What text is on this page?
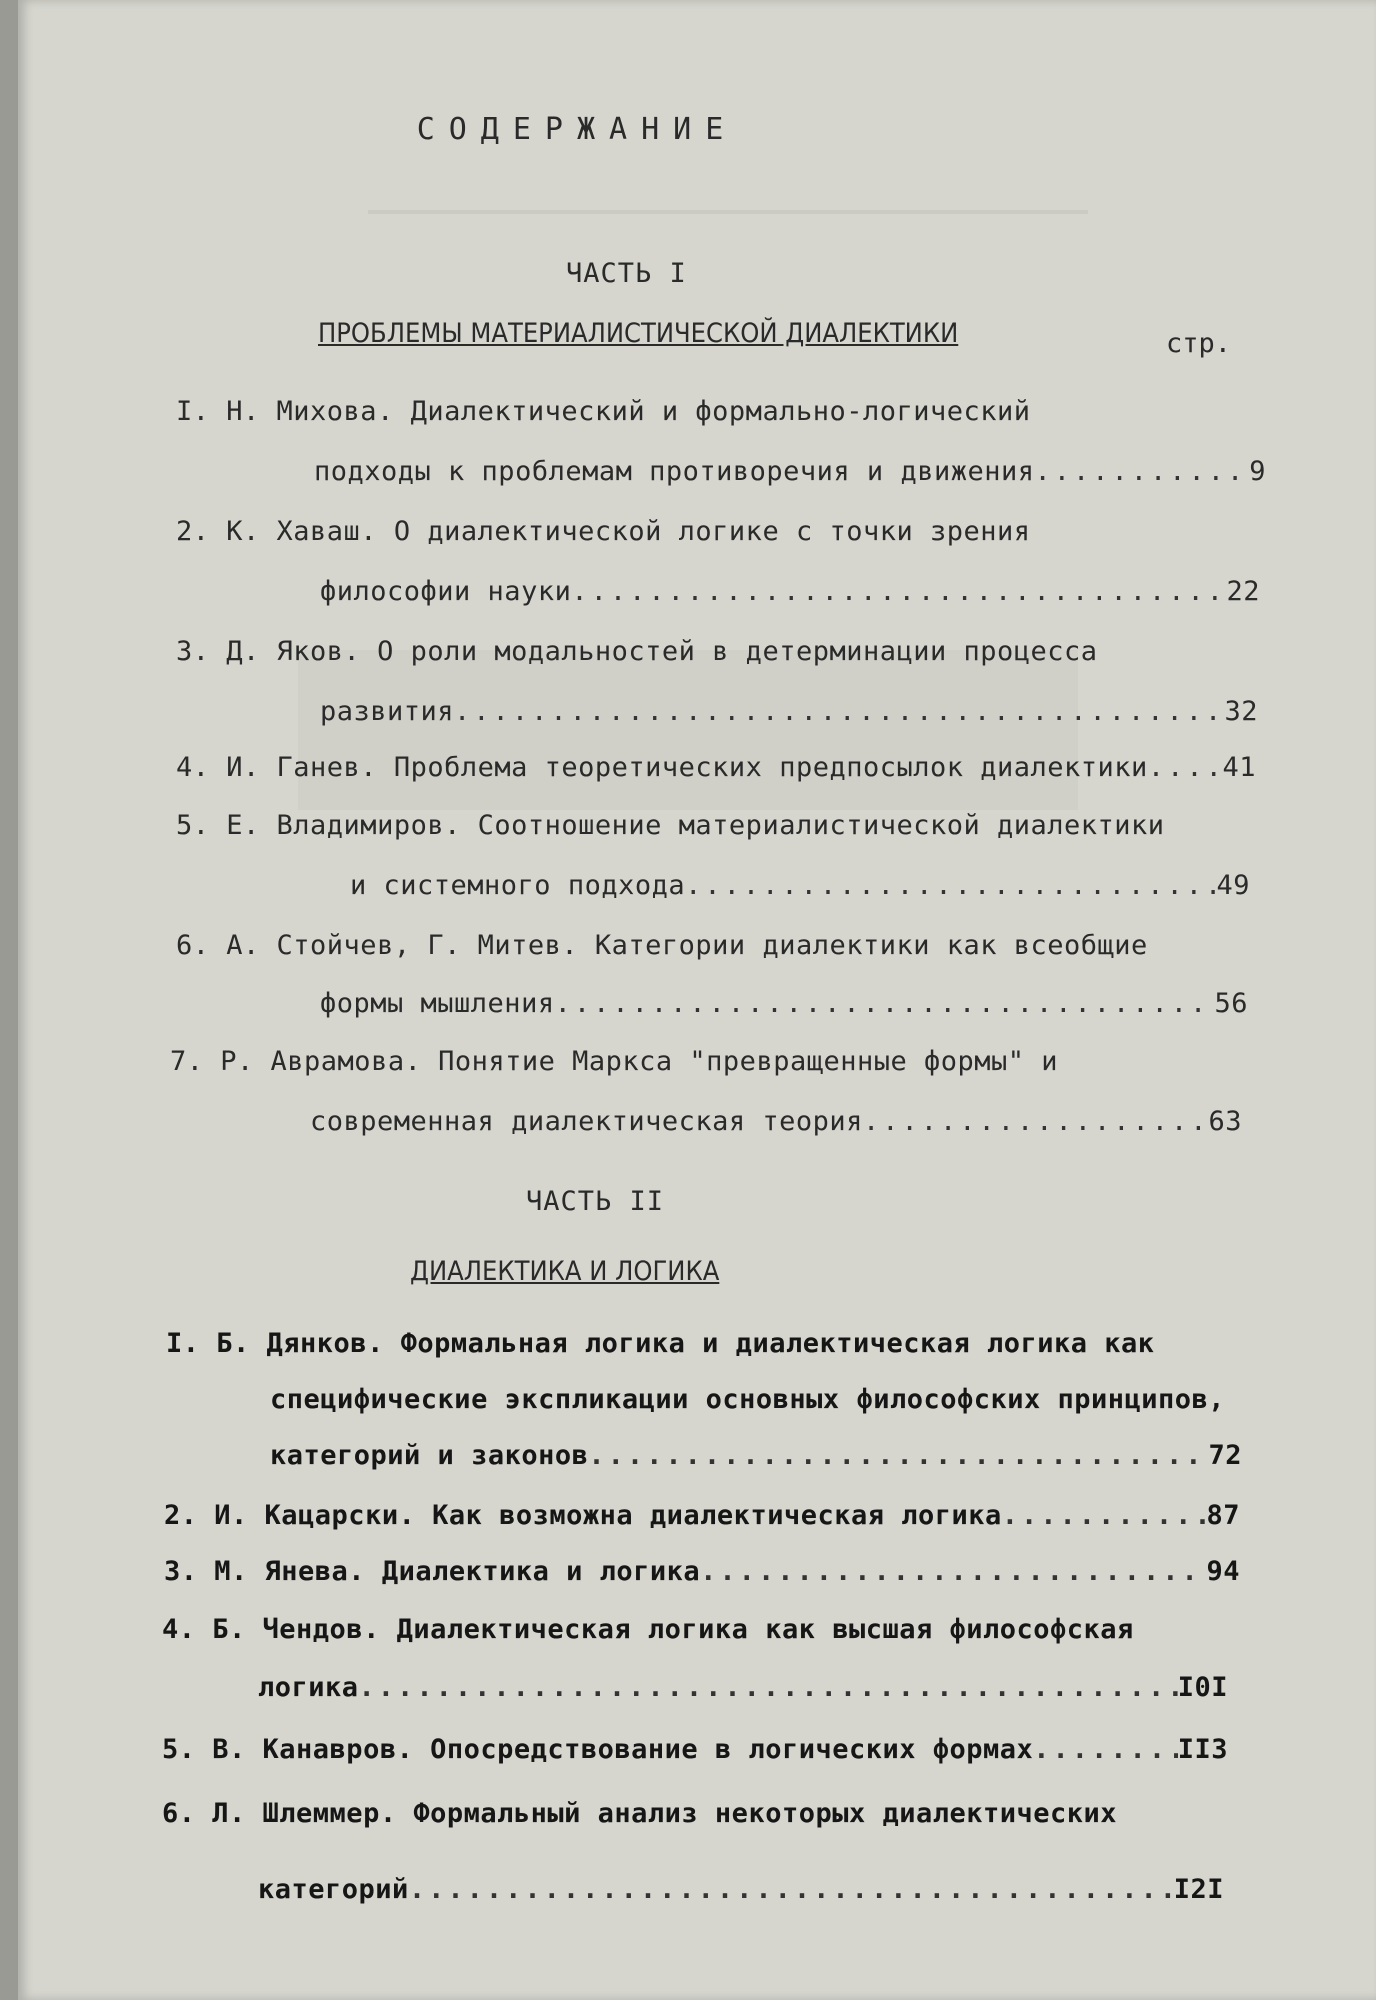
СОДЕРЖАНИЕ
ЧАСТЬ I
ПРОБЛЕМЫ МАТЕРИАЛИСТИЧЕСКОЙ ДИАЛЕКТИКИ	стр.
I. Н. Михова. Диалектический и формально-логический
подходы к проблемам противоречия и движения .....	9
2. К. Хаваш. О диалектической логике с точки зрения
философии науки .....	22
3. Д. Яков. О роли модальностей в детерминации процесса
развития .....	32
4. И. Ганев. Проблема теоретических предпосылок диалектики .....	41
5. Е. Владимиров. Соотношение материалистической диалектики
и системного подхода .....	49
6. А. Стойчев, Г. Митев. Категории диалектики как всеобщие
формы мышления .....	56
7. Р. Аврамова. Понятие Маркса "превращенные формы" и
современная диалектическая теория .....	63
ЧАСТЬ II
ДИАЛЕКТИКА И ЛОГИКА
I. Б. Дянков. Формальная логика и диалектическая логика как
специфические экспликации основных философских принципов,
категорий и законов .....	72
2. И. Кацарски. Как возможна диалектическая логика .....	87
3. М. Янева. Диалектика и логика .....	94
4. Б. Чендов. Диалектическая логика как высшая философская
логика .....	I0I
5. В. Канавров. Опосредствование в логических формах .....	II3
6. Л. Шлеммер. Формальный анализ некоторых диалектических
категорий .....	I2I
